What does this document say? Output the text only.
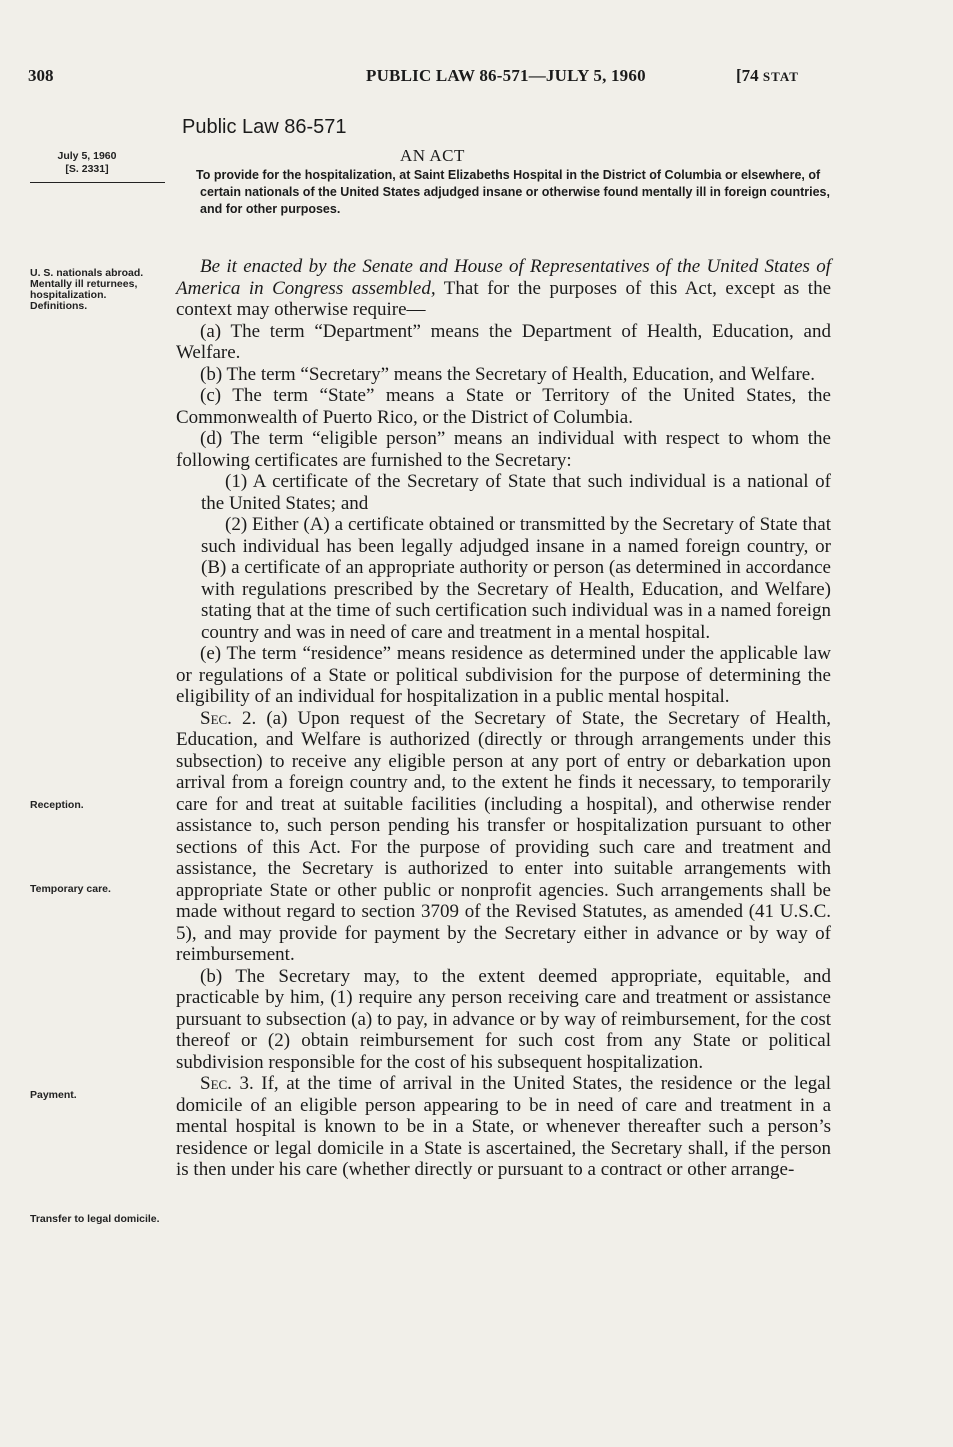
308	PUBLIC LAW 86-571—JULY 5, 1960	[74 STAT
July 5, 1960
[S. 2331]
U. S. nationals abroad.
Mentally ill returnees, hospitalization.
Definitions.
Reception.
Temporary care.
Payment.
Transfer to legal domicile.
Public Law 86-571
AN ACT
To provide for the hospitalization, at Saint Elizabeths Hospital in the District of Columbia or elsewhere, of certain nationals of the United States adjudged insane or otherwise found mentally ill in foreign countries, and for other purposes.

Be it enacted by the Senate and House of Representatives of the United States of America in Congress assembled, That for the purposes of this Act, except as the context may otherwise require—

(a) The term “Department” means the Department of Health, Education, and Welfare.

(b) The term “Secretary” means the Secretary of Health, Education, and Welfare.

(c) The term “State” means a State or Territory of the United States, the Commonwealth of Puerto Rico, or the District of Columbia.

(d) The term “eligible person” means an individual with respect to whom the following certificates are furnished to the Secretary:

(1) A certificate of the Secretary of State that such individual is a national of the United States; and

(2) Either (A) a certificate obtained or transmitted by the Secretary of State that such individual has been legally adjudged insane in a named foreign country, or (B) a certificate of an appropriate authority or person (as determined in accordance with regulations prescribed by the Secretary of Health, Education, and Welfare) stating that at the time of such certification such individual was in a named foreign country and was in need of care and treatment in a mental hospital.

(e) The term “residence” means residence as determined under the applicable law or regulations of a State or political subdivision for the purpose of determining the eligibility of an individual for hospitalization in a public mental hospital.

Sec. 2. (a) Upon request of the Secretary of State, the Secretary of Health, Education, and Welfare is authorized (directly or through arrangements under this subsection) to receive any eligible person at any port of entry or debarkation upon arrival from a foreign country and, to the extent he finds it necessary, to temporarily care for and treat at suitable facilities (including a hospital), and otherwise render assistance to, such person pending his transfer or hospitalization pursuant to other sections of this Act. For the purpose of providing such care and treatment and assistance, the Secretary is authorized to enter into suitable arrangements with appropriate State or other public or nonprofit agencies. Such arrangements shall be made without regard to section 3709 of the Revised Statutes, as amended (41 U.S.C. 5), and may provide for payment by the Secretary either in advance or by way of reimbursement.

(b) The Secretary may, to the extent deemed appropriate, equitable, and practicable by him, (1) require any person receiving care and treatment or assistance pursuant to subsection (a) to pay, in advance or by way of reimbursement, for the cost thereof or (2) obtain reimbursement for such cost from any State or political subdivision responsible for the cost of his subsequent hospitalization.

Sec. 3. If, at the time of arrival in the United States, the residence or the legal domicile of an eligible person appearing to be in need of care and treatment in a mental hospital is known to be in a State, or whenever thereafter such a person’s residence or legal domicile in a State is ascertained, the Secretary shall, if the person is then under his care (whether directly or pursuant to a contract or other arrange-
